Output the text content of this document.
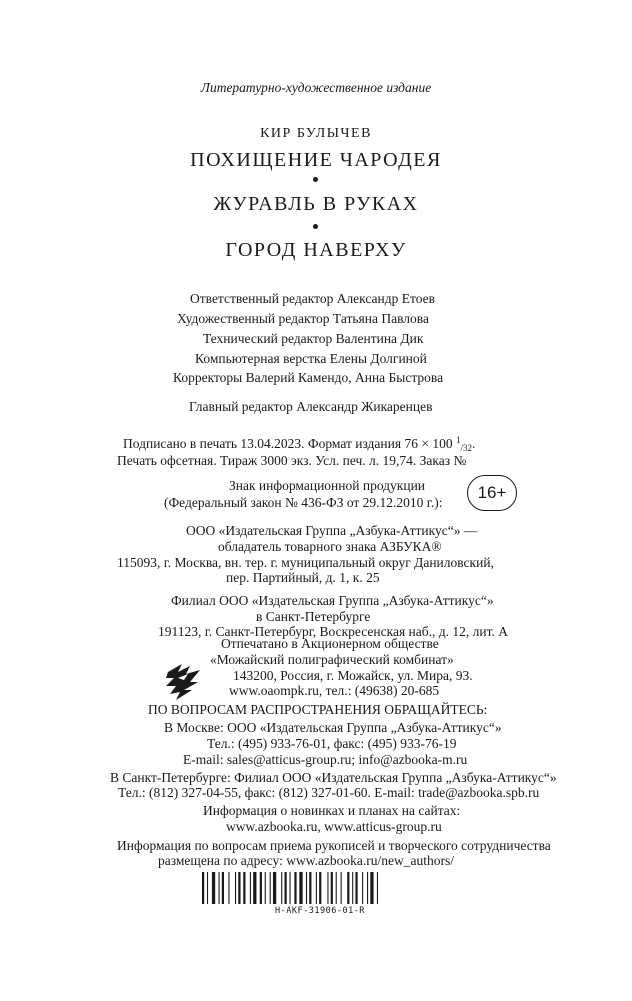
Литературно-художественное издание
КИР БУЛЫЧЕВ
ПОХИЩЕНИЕ ЧАРОДЕЯ
ЖУРАВЛЬ В РУКАХ
ГОРОД НАВЕРХУ
Ответственный редактор Александр Етоев
Художественный редактор Татьяна Павлова
Технический редактор Валентина Дик
Компьютерная верстка Елены Долгиной
Корректоры Валерий Камендо, Анна Быстрова
Главный редактор Александр Жикаренцев
Подписано в печать 13.04.2023. Формат издания 76 × 100 1/32.
Печать офсетная. Тираж 3000 экз. Усл. печ. л. 19,74. Заказ №
Знак информационной продукции
(Федеральный закон № 436-ФЗ от 29.12.2010 г.):
16+
ООО «Издательская Группа „Азбука-Аттикус“» —
обладатель товарного знака АЗБУКА®
115093, г. Москва, вн. тер. г. муниципальный округ Даниловский,
пер. Партийный, д. 1, к. 25
Филиал ООО «Издательская Группа „Азбука-Аттикус“»
в Санкт-Петербурге
191123, г. Санкт-Петербург, Воскресенская наб., д. 12, лит. А
Отпечатано в Акционерном обществе
«Можайский полиграфический комбинат»
143200, Россия, г. Можайск, ул. Мира, 93.
www.oaompk.ru, тел.: (49638) 20-685
ПО ВОПРОСАМ РАСПРОСТРАНЕНИЯ ОБРАЩАЙТЕСЬ:
В Москве: ООО «Издательская Группа „Азбука-Аттикус“»
Тел.: (495) 933-76-01, факс: (495) 933-76-19
E-mail: sales@atticus-group.ru; info@azbooka-m.ru
В Санкт-Петербурге: Филиал ООО «Издательская Группа „Азбука-Аттикус“»
Тел.: (812) 327-04-55, факс: (812) 327-01-60. E-mail: trade@azbooka.spb.ru
Информация о новинках и планах на сайтах:
www.azbooka.ru, www.atticus-group.ru
Информация по вопросам приема рукописей и творческого сотрудничества
размещена по адресу: www.azbooka.ru/new_authors/
Н-АКF-31906-01-R
